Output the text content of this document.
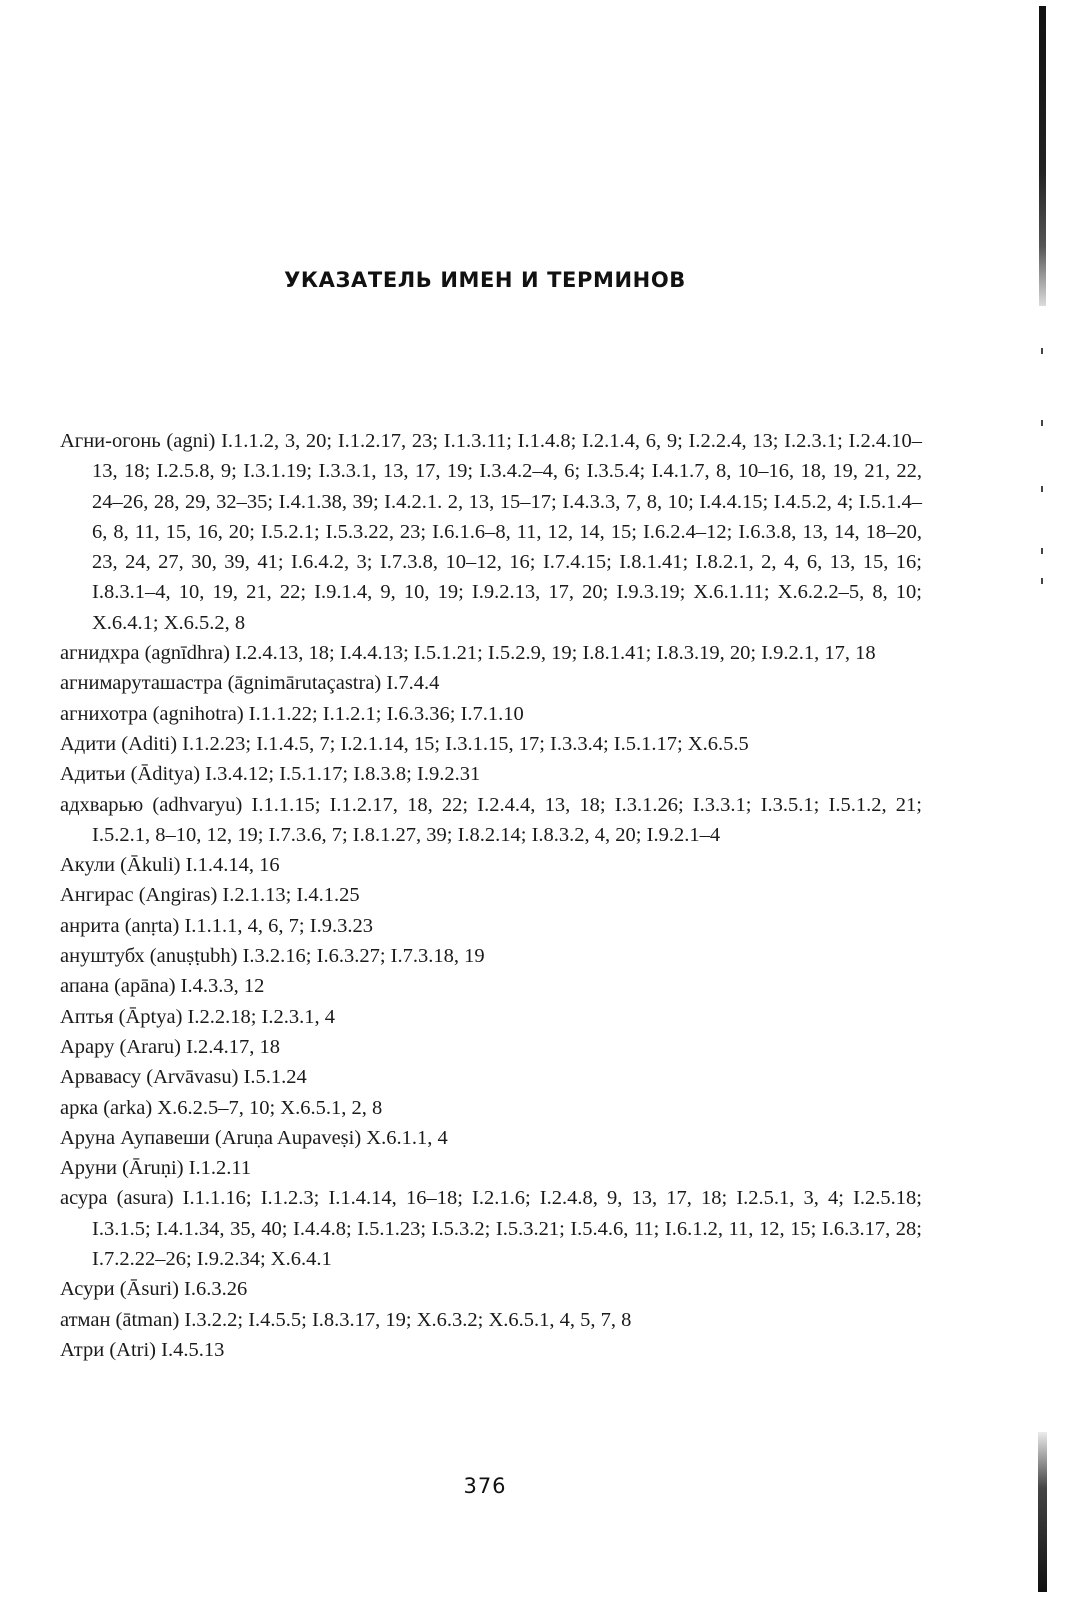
УКАЗАТЕЛЬ ИМЕН И ТЕРМИНОВ

Агни-огонь (agni) I.1.1.2, 3, 20; I.1.2.17, 23; I.1.3.11; I.1.4.8; I.2.1.4, 6, 9; I.2.2.4, 13; I.2.3.1; I.2.4.10–13, 18; I.2.5.8, 9; I.3.1.19; I.3.3.1, 13, 17, 19; I.3.4.2–4, 6; I.3.5.4; I.4.1.7, 8, 10–16, 18, 19, 21, 22, 24–26, 28, 29, 32–35; I.4.1.38, 39; I.4.2.1. 2, 13, 15–17; I.4.3.3, 7, 8, 10; I.4.4.15; I.4.5.2, 4; I.5.1.4–6, 8, 11, 15, 16, 20; I.5.2.1; I.5.3.22, 23; I.6.1.6–8, 11, 12, 14, 15; I.6.2.4–12; I.6.3.8, 13, 14, 18–20, 23, 24, 27, 30, 39, 41; I.6.4.2, 3; I.7.3.8, 10–12, 16; I.7.4.15; I.8.1.41; I.8.2.1, 2, 4, 6, 13, 15, 16; I.8.3.1–4, 10, 19, 21, 22; I.9.1.4, 9, 10, 19; I.9.2.13, 17, 20; I.9.3.19; X.6.1.11; X.6.2.2–5, 8, 10; X.6.4.1; X.6.5.2, 8

агнидхра (agnīdhra) I.2.4.13, 18; I.4.4.13; I.5.1.21; I.5.2.9, 19; I.8.1.41; I.8.3.19, 20; I.9.2.1, 17, 18

агнимаруташастра (āgnimārutaçastra) I.7.4.4

агнихотра (agnihotra) I.1.1.22; I.1.2.1; I.6.3.36; I.7.1.10

Адити (Aditi) I.1.2.23; I.1.4.5, 7; I.2.1.14, 15; I.3.1.15, 17; I.3.3.4; I.5.1.17; X.6.5.5

Адитьи (Āditya) I.3.4.12; I.5.1.17; I.8.3.8; I.9.2.31

адхварью (adhvaryu) I.1.1.15; I.1.2.17, 18, 22; I.2.4.4, 13, 18; I.3.1.26; I.3.3.1; I.3.5.1; I.5.1.2, 21; I.5.2.1, 8–10, 12, 19; I.7.3.6, 7; I.8.1.27, 39; I.8.2.14; I.8.3.2, 4, 20; I.9.2.1–4

Акули (Ākuli) I.1.4.14, 16

Ангирас (Angiras) I.2.1.13; I.4.1.25

анрита (anṛta) I.1.1.1, 4, 6, 7; I.9.3.23

ануштубх (anuṣṭubh) I.3.2.16; I.6.3.27; I.7.3.18, 19

апана (apāna) I.4.3.3, 12

Аптья (Āptya) I.2.2.18; I.2.3.1, 4

Арару (Araru) I.2.4.17, 18

Арвавасу (Arvāvasu) I.5.1.24

арка (arka) X.6.2.5–7, 10; X.6.5.1, 2, 8

Аруна Аупавеши (Aruṇa Aupaveṣi) X.6.1.1, 4

Аруни (Āruṇi) I.1.2.11

асура (asura) I.1.1.16; I.1.2.3; I.1.4.14, 16–18; I.2.1.6; I.2.4.8, 9, 13, 17, 18; I.2.5.1, 3, 4; I.2.5.18; I.3.1.5; I.4.1.34, 35, 40; I.4.4.8; I.5.1.23; I.5.3.2; I.5.3.21; I.5.4.6, 11; I.6.1.2, 11, 12, 15; I.6.3.17, 28; I.7.2.22–26; I.9.2.34; X.6.4.1

Асури (Āsuri) I.6.3.26

атман (ātman) I.3.2.2; I.4.5.5; I.8.3.17, 19; X.6.3.2; X.6.5.1, 4, 5, 7, 8

Атри (Atri) I.4.5.13

376
